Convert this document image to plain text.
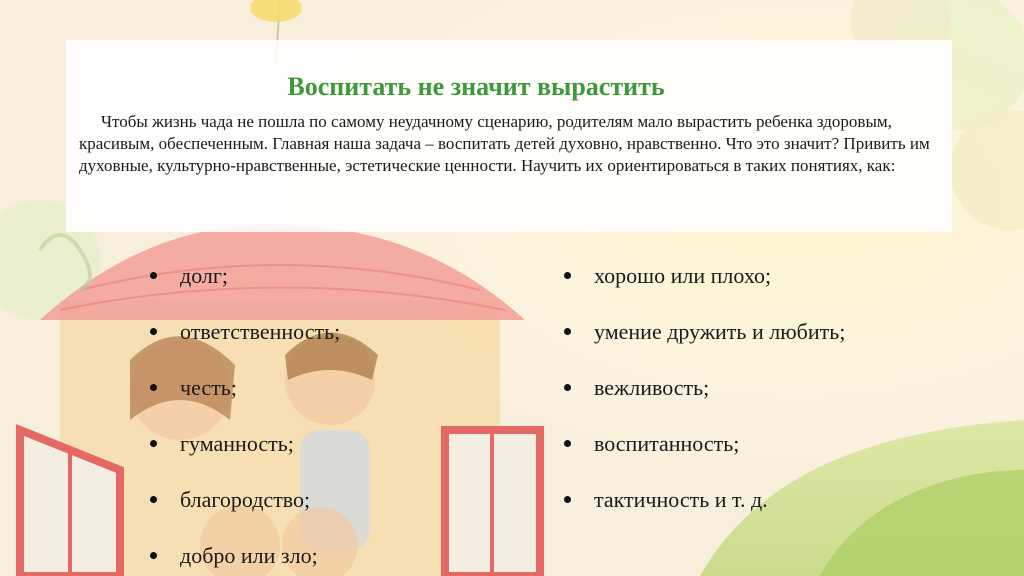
Воспитать не значит вырастить

Чтобы жизнь чада не пошла по самому неудачному сценарию, родителям мало вырастить ребенка здоровым, красивым, обеспеченным. Главная наша задача – воспитать детей духовно, нравственно. Что это значит? Привить им духовные, культурно-нравственные, эстетические ценности. Научить их ориентироваться в таких понятиях, как:

долг;
ответственность;
честь;
гуманность;
благородство;
добро или зло;
хорошо или плохо;
умение дружить и любить;
вежливость;
воспитанность;
тактичность и т. д.
